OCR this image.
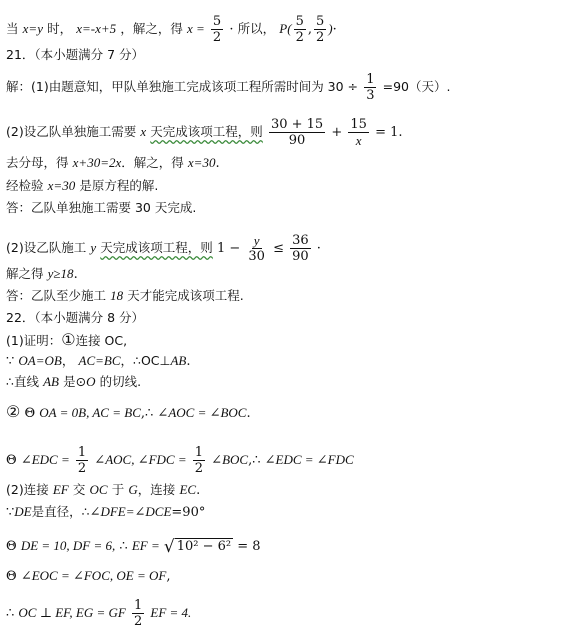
当 x=y 时， x=-x+5 ，解之，得 $x = \frac{5}{2}$ · 所以， $P( \frac{5}{2}$ , $\frac{5}{2}$ )·
21．（本小题满分 7 分）
解：(1)由题意知，甲队单独施工完成该项工程所需时间为 $30 \div \frac{1}{3} =90$（天）.
(2)设乙队单独施工需要 x 天完成该项工程，则 $\frac{30 + 15}{90} + \frac{15}{x} = 1$.
去分母，得 x+30=2x．解之，得 x=30.
经检验 x=30 是原方程的解.
答：乙队单独施工需要 30 天完成.
(2)设乙队施工 y 天完成该项工程，则 $1 - \frac{y}{30} \le \frac{36}{90}$ ·
解之得 y≥18.
答：乙队至少施工 18 天才能完成该项工程.
22．（本小题满分 8 分）
(1)证明：①连接 OC,
∵ OA=OB， AC=BC，∴OC⊥AB.
∴直线 AB 是⊙O 的切线.
② Θ OA = 0B, AC = BC,∴ ∠AOC = ∠BOC.
Θ ∠EDC = $\frac{1}{2}$ ∠AOC, ∠FDC = $\frac{1}{2}$ ∠BOC,∴ ∠EDC = ∠FDC
(2)连接 EF 交 OC 于 G，连接 EC.
∵DE是直径，∴∠DFE=∠DCE=90°
Θ DE = 10, DF = 6, ∴ EF = √ 10² − 6² = 8
Θ ∠EOC = ∠FOC, OE = OF,
∴ OC ⊥ EF, EG = GF $\frac{1}{2}$ EF = 4.
